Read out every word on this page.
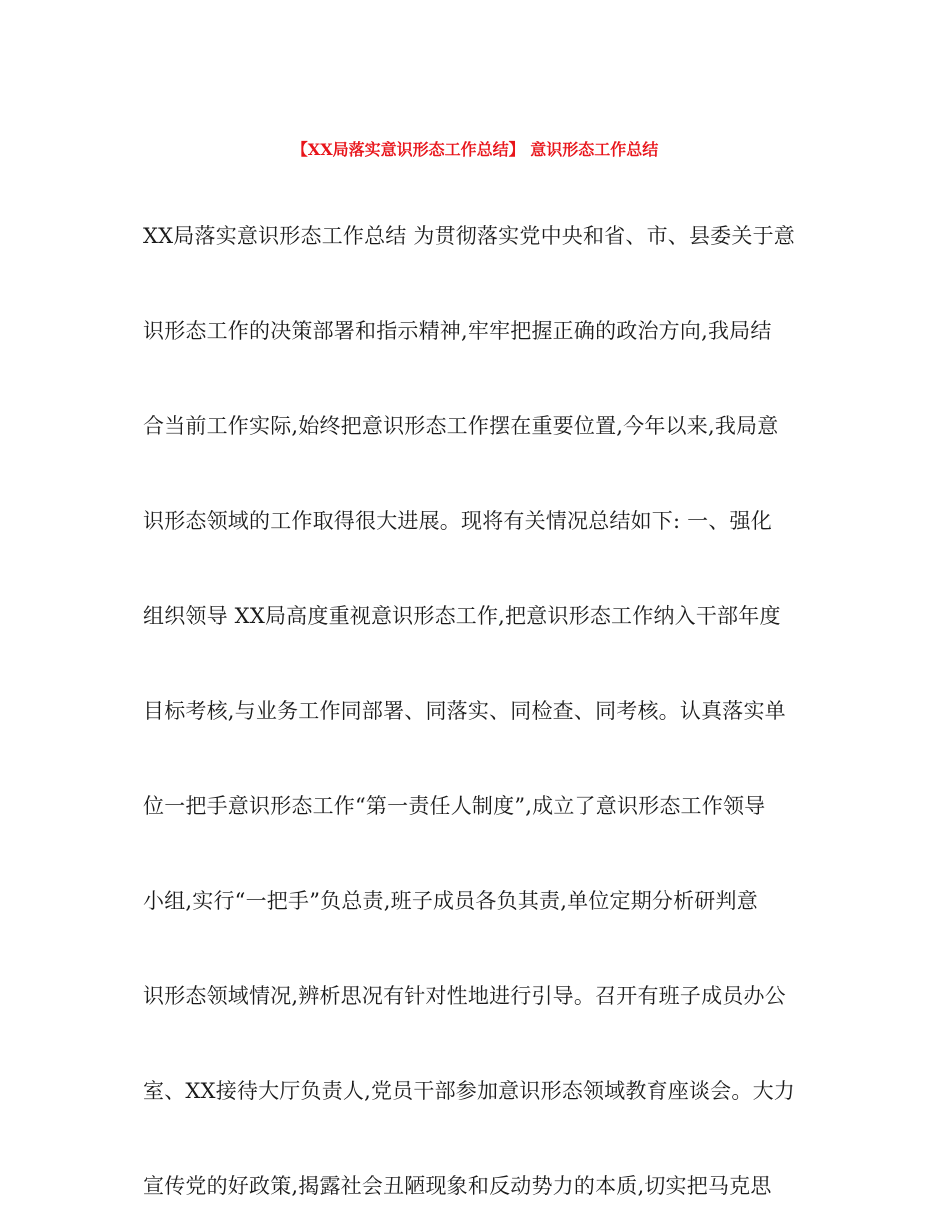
【XX局落实意识形态工作总结】 意识形态工作总结
XX局落实意识形态工作总结 为贯彻落实党中央和省、市、县委关于意
识形态工作的决策部署和指示精神,牢牢把握正确的政治方向,我局结
合当前工作实际,始终把意识形态工作摆在重要位置,今年以来,我局意
识形态领域的工作取得很大进展。现将有关情况总结如下: 一、强化
组织领导 XX局高度重视意识形态工作,把意识形态工作纳入干部年度
目标考核,与业务工作同部署、同落实、同检查、同考核。认真落实单
位一把手意识形态工作“第一责任人制度”,成立了意识形态工作领导
小组,实行“一把手”负总责,班子成员各负其责,单位定期分析研判意
识形态领域情况,辨析思况有针对性地进行引导。召开有班子成员办公
室、XX接待大厅负责人,党员干部参加意识形态领域教育座谈会。大力
宣传党的好政策,揭露社会丑陋现象和反动势力的本质,切实把马克思
